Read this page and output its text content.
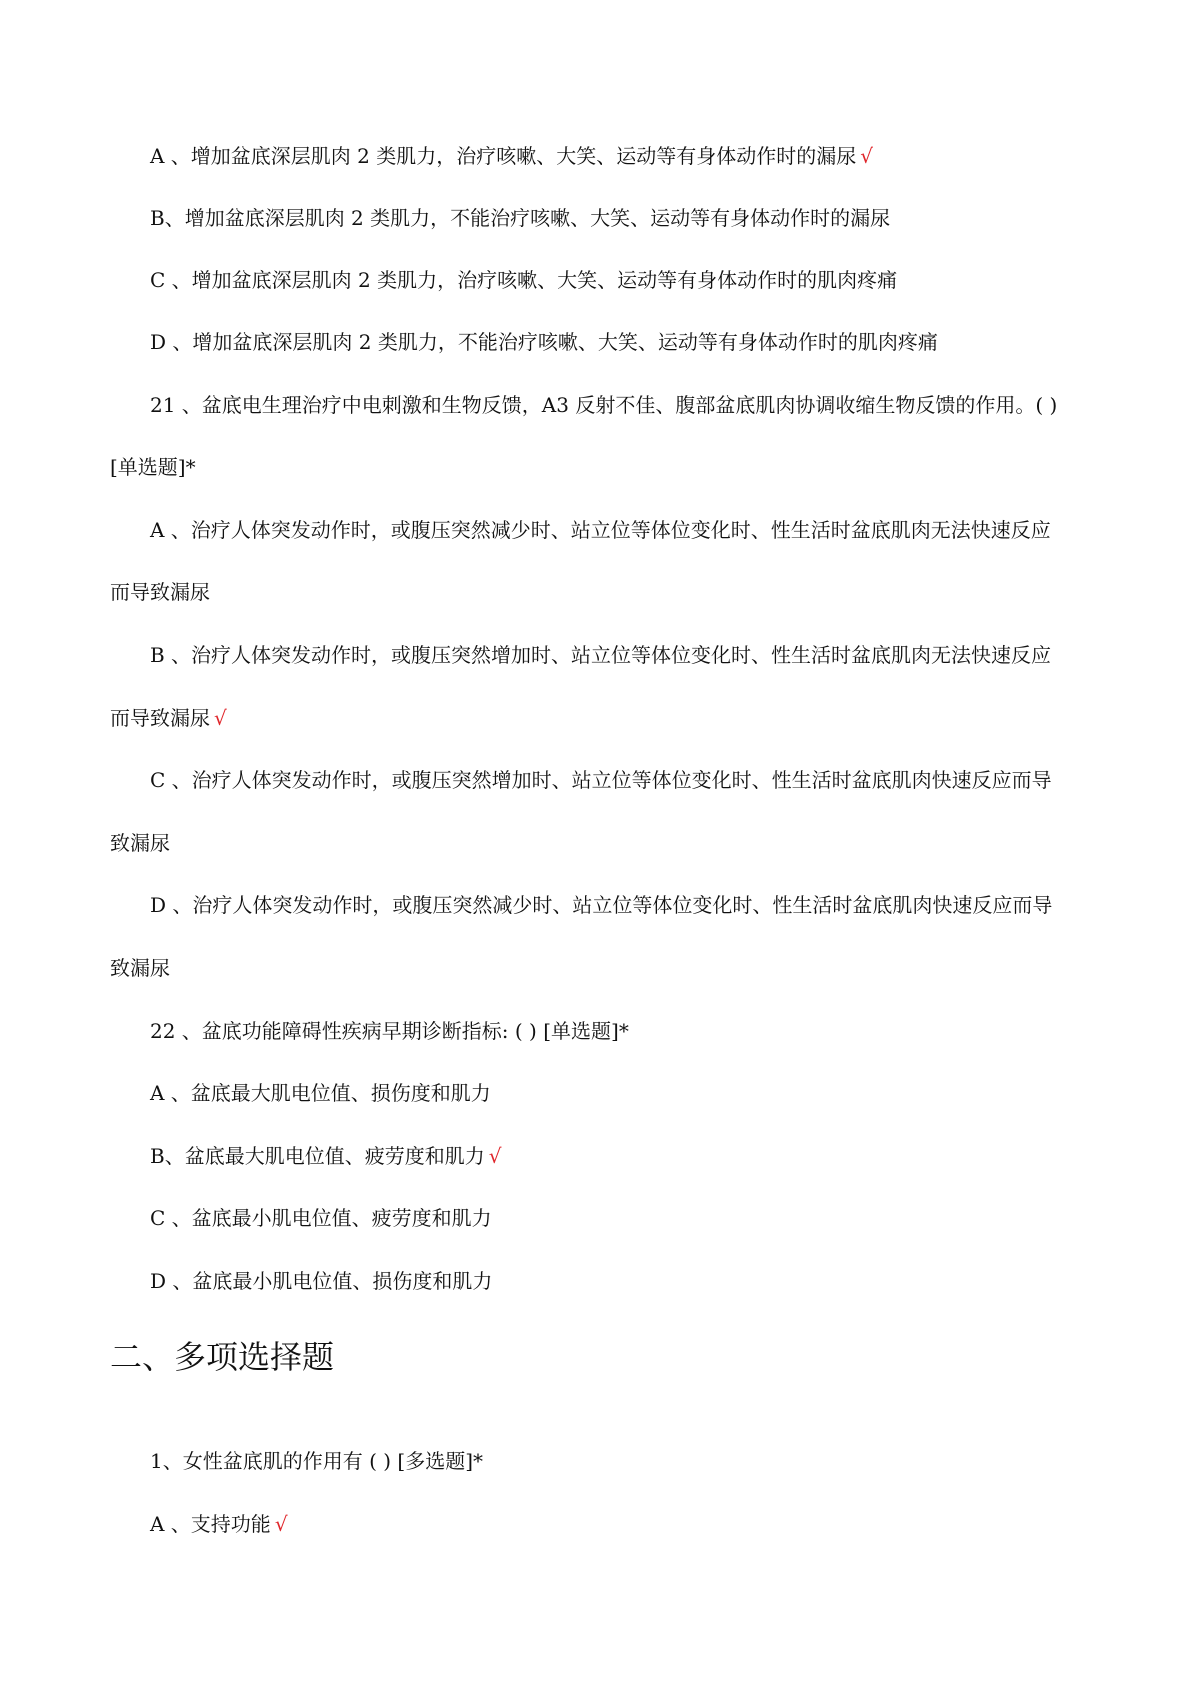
A 、增加盆底深层肌肉 2 类肌力，治疗咳嗽、大笑、运动等有身体动作时的漏尿 √
B、增加盆底深层肌肉 2 类肌力，不能治疗咳嗽、大笑、运动等有身体动作时的漏尿
C 、增加盆底深层肌肉 2 类肌力，治疗咳嗽、大笑、运动等有身体动作时的肌肉疼痛
D 、增加盆底深层肌肉 2 类肌力，不能治疗咳嗽、大笑、运动等有身体动作时的肌肉疼痛
21 、盆底电生理治疗中电刺激和生物反馈，A3 反射不佳、腹部盆底肌肉协调收缩生物反馈的作用。( )
[单选题]*
A 、治疗人体突发动作时，或腹压突然减少时、站立位等体位变化时、性生活时盆底肌肉无法快速反应
而导致漏尿
B 、治疗人体突发动作时，或腹压突然增加时、站立位等体位变化时、性生活时盆底肌肉无法快速反应
而导致漏尿 √
C 、治疗人体突发动作时，或腹压突然增加时、站立位等体位变化时、性生活时盆底肌肉快速反应而导
致漏尿
D 、治疗人体突发动作时，或腹压突然减少时、站立位等体位变化时、性生活时盆底肌肉快速反应而导
致漏尿
22 、盆底功能障碍性疾病早期诊断指标: ( ) [单选题]*
A 、盆底最大肌电位值、损伤度和肌力
B、盆底最大肌电位值、疲劳度和肌力 √
C 、盆底最小肌电位值、疲劳度和肌力
D 、盆底最小肌电位值、损伤度和肌力
二、多项选择题
1、女性盆底肌的作用有 ( ) [多选题]*
A 、支持功能 √
